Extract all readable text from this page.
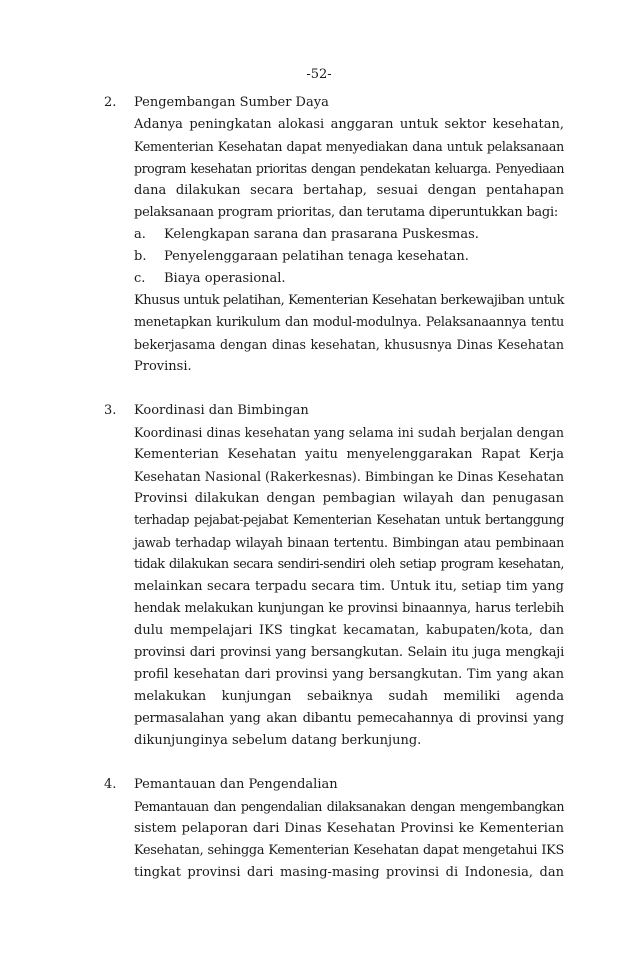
-52-
2.	Pengembangan Sumber Daya
Adanya peningkatan alokasi anggaran untuk sektor kesehatan,
Kementerian Kesehatan dapat menyediakan dana untuk pelaksanaan
program kesehatan prioritas dengan pendekatan keluarga. Penyediaan
dana dilakukan secara bertahap, sesuai dengan pentahapan
pelaksanaan program prioritas, dan terutama diperuntukkan bagi:
a.	Kelengkapan sarana dan prasarana Puskesmas.
b.	Penyelenggaraan pelatihan tenaga kesehatan.
c.	Biaya operasional.
Khusus untuk pelatihan, Kementerian Kesehatan berkewajiban untuk
menetapkan kurikulum dan modul-modulnya. Pelaksanaannya tentu
bekerjasama dengan dinas kesehatan, khususnya Dinas Kesehatan
Provinsi.
3.	Koordinasi dan Bimbingan
Koordinasi dinas kesehatan yang selama ini sudah berjalan dengan
Kementerian Kesehatan yaitu menyelenggarakan Rapat Kerja
Kesehatan Nasional (Rakerkesnas). Bimbingan ke Dinas Kesehatan
Provinsi dilakukan dengan pembagian wilayah dan penugasan
terhadap pejabat-pejabat Kementerian Kesehatan untuk bertanggung
jawab terhadap wilayah binaan tertentu. Bimbingan atau pembinaan
tidak dilakukan secara sendiri-sendiri oleh setiap program kesehatan,
melainkan secara terpadu secara tim. Untuk itu, setiap tim yang
hendak melakukan kunjungan ke provinsi binaannya, harus terlebih
dulu mempelajari IKS tingkat kecamatan, kabupaten/kota, dan
provinsi dari provinsi yang bersangkutan. Selain itu juga mengkaji
profil kesehatan dari provinsi yang bersangkutan. Tim yang akan
melakukan kunjungan sebaiknya sudah memiliki agenda
permasalahan yang akan dibantu pemecahannya di provinsi yang
dikunjunginya sebelum datang berkunjung.
4.	Pemantauan dan Pengendalian
Pemantauan dan pengendalian dilaksanakan dengan mengembangkan
sistem pelaporan dari Dinas Kesehatan Provinsi ke Kementerian
Kesehatan, sehingga Kementerian Kesehatan dapat mengetahui IKS
tingkat provinsi dari masing-masing provinsi di Indonesia, dan
